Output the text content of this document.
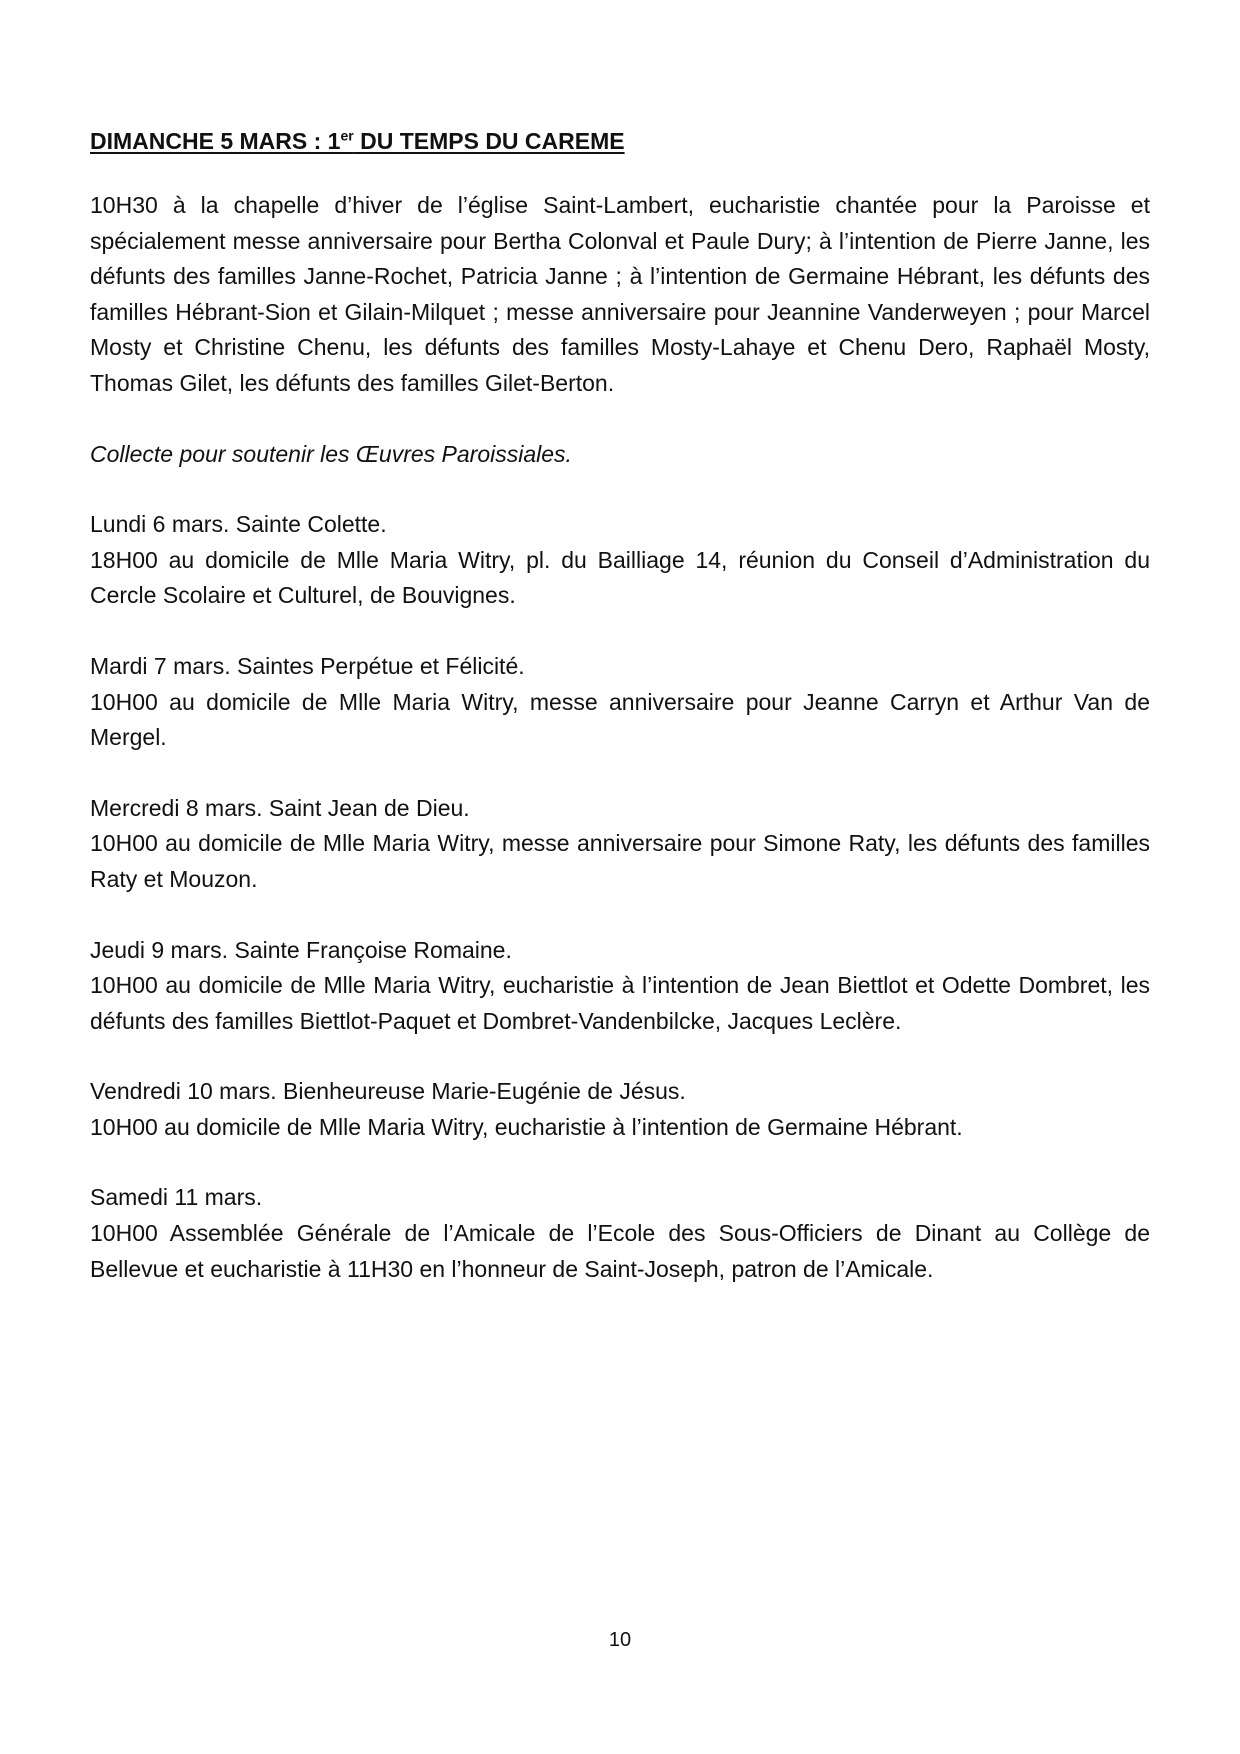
DIMANCHE 5 MARS : 1er DU TEMPS DU CAREME

10H30 à la chapelle d’hiver de l’église Saint-Lambert, eucharistie chantée pour la Paroisse et spécialement messe anniversaire pour Bertha Colonval et Paule Dury; à l’intention de Pierre Janne, les défunts des familles Janne-Rochet, Patricia Janne ; à l’intention de Germaine Hébrant, les défunts des familles Hébrant-Sion et Gilain-Milquet ; messe anniversaire pour Jeannine Vanderweyen ; pour Marcel Mosty et Christine Chenu, les défunts des familles Mosty-Lahaye et Chenu Dero, Raphaël Mosty, Thomas Gilet, les défunts des familles Gilet-Berton.

Collecte pour soutenir les Œuvres Paroissiales.

Lundi 6 mars. Sainte Colette.

18H00 au domicile de Mlle Maria Witry, pl. du Bailliage 14, réunion du Conseil d’Administration du Cercle Scolaire et Culturel, de Bouvignes.

Mardi 7 mars. Saintes Perpétue et Félicité.

10H00 au domicile de Mlle Maria Witry, messe anniversaire pour Jeanne Carryn et Arthur Van de Mergel.

Mercredi 8 mars. Saint Jean de Dieu.

10H00 au domicile de Mlle Maria Witry, messe anniversaire pour Simone Raty, les défunts des familles Raty et Mouzon.

Jeudi 9 mars. Sainte Françoise Romaine.

10H00 au domicile de Mlle Maria Witry, eucharistie à l’intention de Jean Biettlot et Odette Dombret, les défunts des familles Biettlot-Paquet et Dombret-Vandenbilcke, Jacques Leclère.

Vendredi 10 mars. Bienheureuse Marie-Eugénie de Jésus.

10H00 au domicile de Mlle Maria Witry, eucharistie à l’intention de Germaine Hébrant.

Samedi 11 mars.

10H00 Assemblée Générale de l’Amicale de l’Ecole des Sous-Officiers de Dinant au Collège de Bellevue et eucharistie à 11H30 en l’honneur de Saint-Joseph, patron de l’Amicale.

10
